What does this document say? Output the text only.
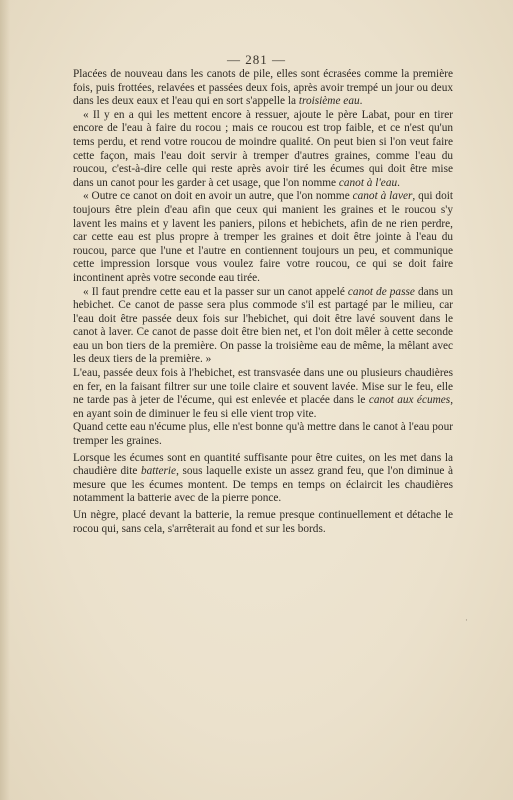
— 281 —

Placées de nouveau dans les canots de pile, elles sont écrasées comme la première fois, puis frottées, relavées et passées deux fois, après avoir trempé un jour ou deux dans les deux eaux et l'eau qui en sort s'appelle la troisième eau.

« Il y en a qui les mettent encore à ressuer, ajoute le père Labat, pour en tirer encore de l'eau à faire du rocou ; mais ce roucou est trop faible, et ce n'est qu'un tems perdu, et rend votre roucou de moindre qualité. On peut bien si l'on veut faire cette façon, mais l'eau doit servir à tremper d'autres graines, comme l'eau du roucou, c'est-à-dire celle qui reste après avoir tiré les écumes qui doit être mise dans un canot pour les garder à cet usage, que l'on nomme canot à l'eau.

« Outre ce canot on doit en avoir un autre, que l'on nomme canot à laver, qui doit toujours être plein d'eau afin que ceux qui manient les graines et le roucou s'y lavent les mains et y lavent les paniers, pilons et hebichets, afin de ne rien perdre, car cette eau est plus propre à tremper les graines et doit être jointe à l'eau du roucou, parce que l'une et l'autre en contiennent toujours un peu, et communique cette impression lorsque vous voulez faire votre roucou, ce qui se doit faire incontinent après votre seconde eau tirée.

« Il faut prendre cette eau et la passer sur un canot appelé canot de passe dans un hebichet. Ce canot de passe sera plus commode s'il est partagé par le milieu, car l'eau doit être passée deux fois sur l'hebichet, qui doit être lavé souvent dans le canot à laver. Ce canot de passe doit être bien net, et l'on doit mêler à cette seconde eau un bon tiers de la première. On passe la troisième eau de même, la mêlant avec les deux tiers de la première. »

L'eau, passée deux fois à l'hebichet, est transvasée dans une ou plusieurs chaudières en fer, en la faisant filtrer sur une toile claire et souvent lavée. Mise sur le feu, elle ne tarde pas à jeter de l'écume, qui est enlevée et placée dans le canot aux écumes, en ayant soin de diminuer le feu si elle vient trop vite.

Quand cette eau n'écume plus, elle n'est bonne qu'à mettre dans le canot à l'eau pour tremper les graines.

Lorsque les écumes sont en quantité suffisante pour être cuites, on les met dans la chaudière dite batterie, sous laquelle existe un assez grand feu, que l'on diminue à mesure que les écumes montent. De temps en temps on éclaircit les chaudières notamment la batterie avec de la pierre ponce.

Un nègre, placé devant la batterie, la remue presque continuellement et détache le rocou qui, sans cela, s'arrêterait au fond et sur les bords.

·
